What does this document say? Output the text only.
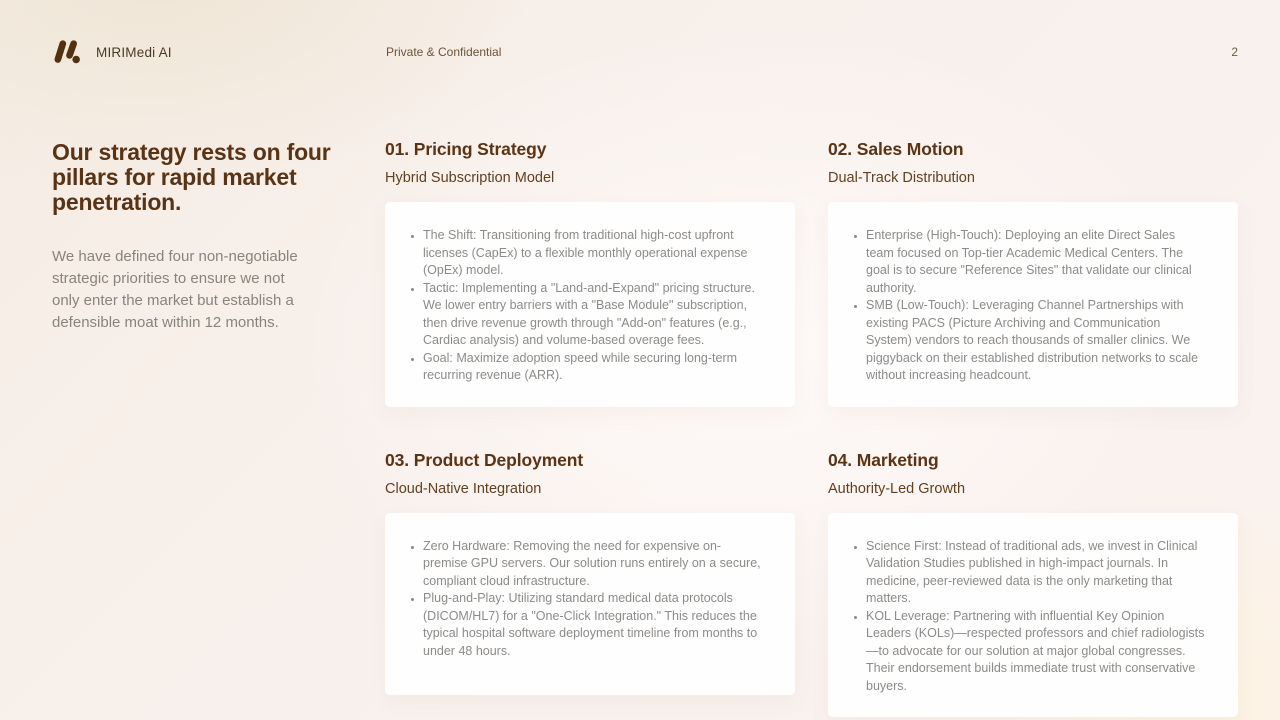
MIRIMedi AI	Private & Confidential	2
Our strategy rests on four pillars for rapid market penetration.
We have defined four non-negotiable strategic priorities to ensure we not only enter the market but establish a defensible moat within 12 months.
01. Pricing Strategy
Hybrid Subscription Model
• The Shift: Transitioning from traditional high-cost upfront licenses (CapEx) to a flexible monthly operational expense (OpEx) model.
• Tactic: Implementing a "Land-and-Expand" pricing structure. We lower entry barriers with a "Base Module" subscription, then drive revenue growth through "Add-on" features (e.g., Cardiac analysis) and volume-based overage fees.
• Goal: Maximize adoption speed while securing long-term recurring revenue (ARR).
02. Sales Motion
Dual-Track Distribution
• Enterprise (High-Touch): Deploying an elite Direct Sales team focused on Top-tier Academic Medical Centers. The goal is to secure "Reference Sites" that validate our clinical authority.
• SMB (Low-Touch): Leveraging Channel Partnerships with existing PACS (Picture Archiving and Communication System) vendors to reach thousands of smaller clinics. We piggyback on their established distribution networks to scale without increasing headcount.
03. Product Deployment
Cloud-Native Integration
• Zero Hardware: Removing the need for expensive on-premise GPU servers. Our solution runs entirely on a secure, compliant cloud infrastructure.
• Plug-and-Play: Utilizing standard medical data protocols (DICOM/HL7) for a "One-Click Integration." This reduces the typical hospital software deployment timeline from months to under 48 hours.
04. Marketing
Authority-Led Growth
• Science First: Instead of traditional ads, we invest in Clinical Validation Studies published in high-impact journals. In medicine, peer-reviewed data is the only marketing that matters.
• KOL Leverage: Partnering with influential Key Opinion Leaders (KOLs)—respected professors and chief radiologists—to advocate for our solution at major global congresses. Their endorsement builds immediate trust with conservative buyers.
